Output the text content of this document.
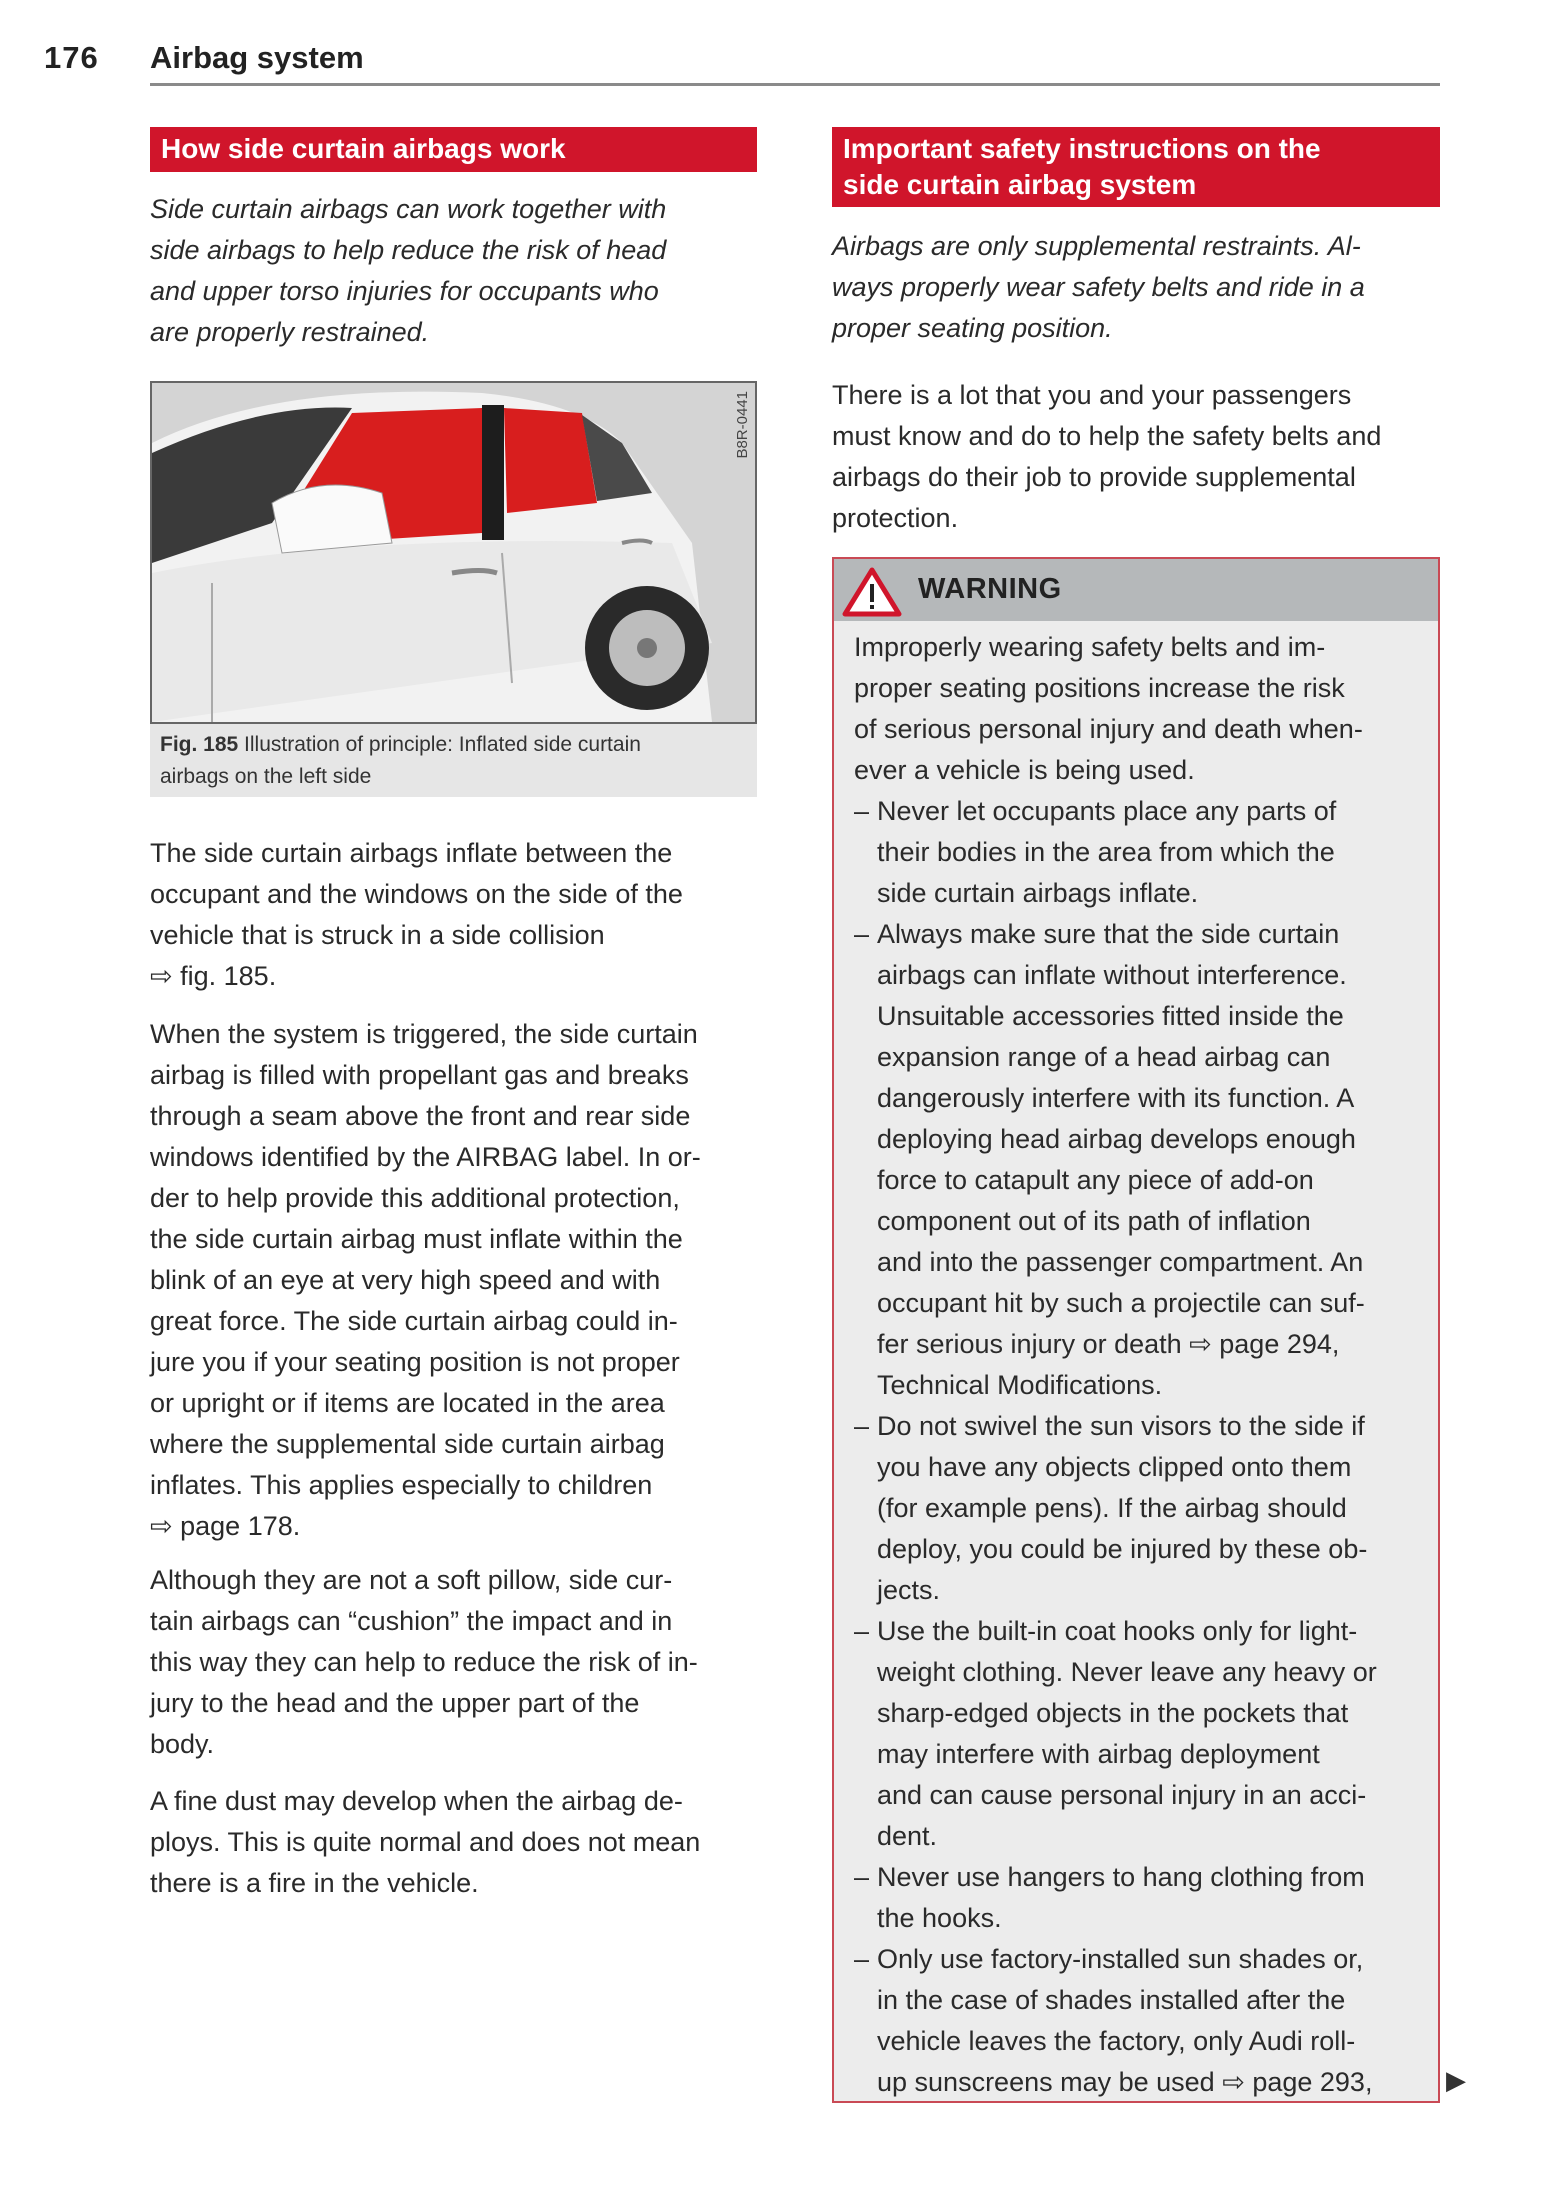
176 Airbag system
How side curtain airbags work
Side curtain airbags can work together with
side airbags to help reduce the risk of head
and upper torso injuries for occupants who
are properly restrained.
B8R-0441
Fig. 185 Illustration of principle: Inflated side curtain
airbags on the left side
The side curtain airbags inflate between the
occupant and the windows on the side of the
vehicle that is struck in a side collision
⇨ fig. 185.
When the system is triggered, the side curtain
airbag is filled with propellant gas and breaks
through a seam above the front and rear side
windows identified by the AIRBAG label. In or-
der to help provide this additional protection,
the side curtain airbag must inflate within the
blink of an eye at very high speed and with
great force. The side curtain airbag could in-
jure you if your seating position is not proper
or upright or if items are located in the area
where the supplemental side curtain airbag
inflates. This applies especially to children
⇨ page 178.
Although they are not a soft pillow, side cur-
tain airbags can “cushion” the impact and in
this way they can help to reduce the risk of in-
jury to the head and the upper part of the
body.
A fine dust may develop when the airbag de-
ploys. This is quite normal and does not mean
there is a fire in the vehicle.
Important safety instructions on the
side curtain airbag system
Airbags are only supplemental restraints. Al-
ways properly wear safety belts and ride in a
proper seating position.
There is a lot that you and your passengers
must know and do to help the safety belts and
airbags do their job to provide supplemental
protection.
WARNING
Improperly wearing safety belts and im-
proper seating positions increase the risk
of serious personal injury and death when-
ever a vehicle is being used.
– Never let occupants place any parts of
their bodies in the area from which the
side curtain airbags inflate.
– Always make sure that the side curtain
airbags can inflate without interference.
Unsuitable accessories fitted inside the
expansion range of a head airbag can
dangerously interfere with its function. A
deploying head airbag develops enough
force to catapult any piece of add-on
component out of its path of inflation
and into the passenger compartment. An
occupant hit by such a projectile can suf-
fer serious injury or death ⇨ page 294,
Technical Modifications.
– Do not swivel the sun visors to the side if
you have any objects clipped onto them
(for example pens). If the airbag should
deploy, you could be injured by these ob-
jects.
– Use the built-in coat hooks only for light-
weight clothing. Never leave any heavy or
sharp-edged objects in the pockets that
may interfere with airbag deployment
and can cause personal injury in an acci-
dent.
– Never use hangers to hang clothing from
the hooks.
– Only use factory-installed sun shades or,
in the case of shades installed after the
vehicle leaves the factory, only Audi roll-
up sunscreens may be used ⇨ page 293,	▶
